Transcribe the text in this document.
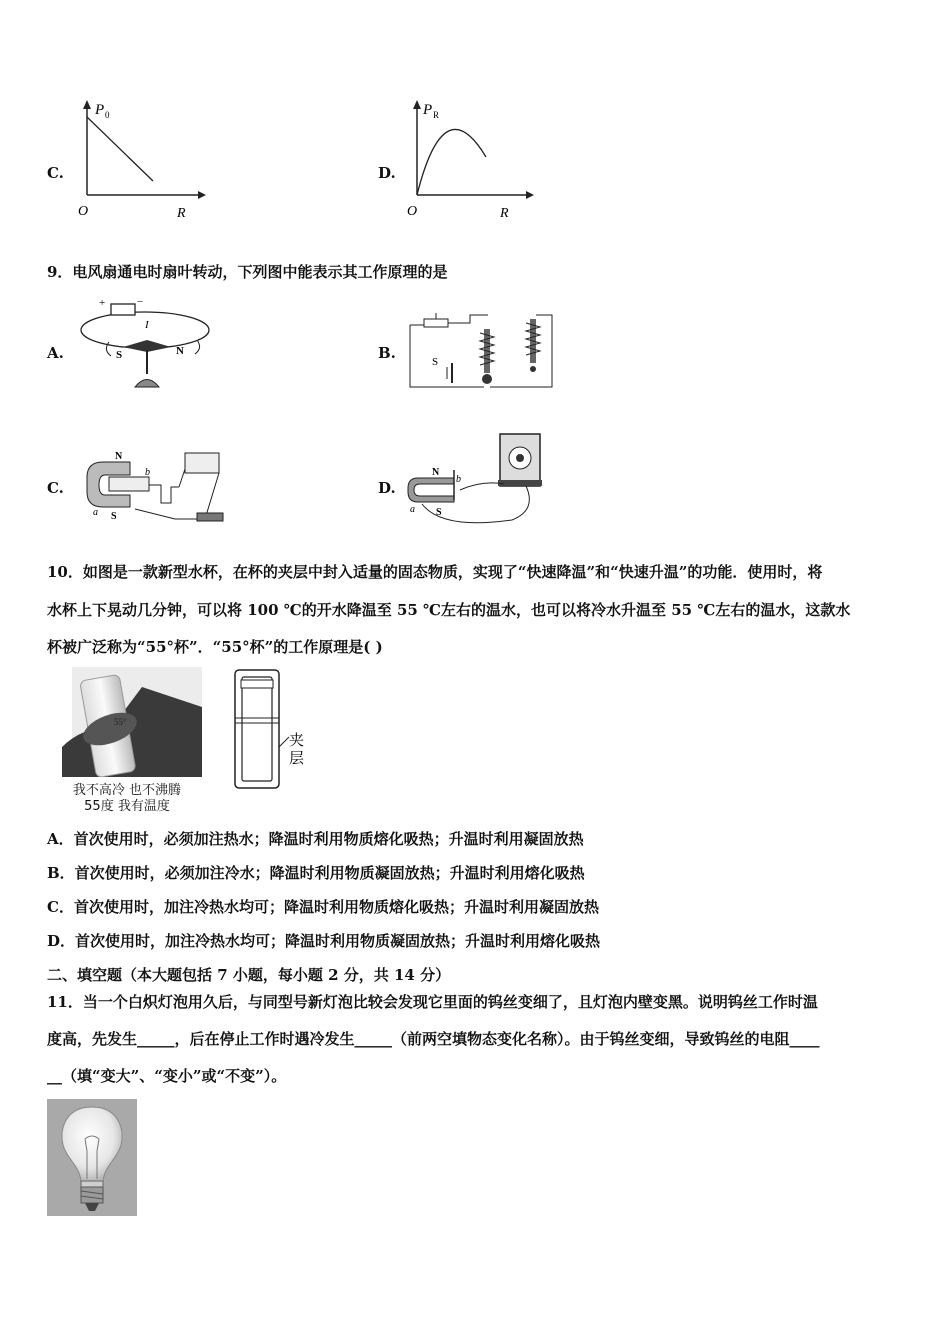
C.
P 0
O	R
D.
P R
O	R
9．电风扇通电时扇叶转动，下列图中能表示其工作原理的是
A.
+	−
I
S	N	B.	S
C.
N
S
a
b
D.
N
S
b
a
10．如图是一款新型水杯，在杯的夹层中封入适量的固态物质，实现了“快速降温”和“快速升温”的功能．使用时，将
水杯上下晃动几分钟，可以将 100 ℃的开水降温至 55 ℃左右的温水，也可以将冷水升温至 55 ℃左右的温水，这款水
杯被广泛称为“55°杯”．“55°杯”的工作原理是( )
55°
我不高冷 也不沸腾
55度 我有温度
夹
层
A．首次使用时，必须加注热水；降温时利用物质熔化吸热；升温时利用凝固放热
B．首次使用时，必须加注冷水；降温时利用物质凝固放热；升温时利用熔化吸热
C．首次使用时，加注冷热水均可；降温时利用物质熔化吸热；升温时利用凝固放热
D．首次使用时，加注冷热水均可；降温时利用物质凝固放热；升温时利用熔化吸热
二、填空题（本大题包括 7 小题，每小题 2 分，共 14 分）
11．当一个白炽灯泡用久后，与同型号新灯泡比较会发现它里面的钨丝变细了，且灯泡内壁变黑。说明钨丝工作时温
度高，先发生_____，后在停止工作时遇冷发生_____（前两空填物态变化名称）。由于钨丝变细，导致钨丝的电阻____
__（填“变大”、“变小”或“不变”）。
